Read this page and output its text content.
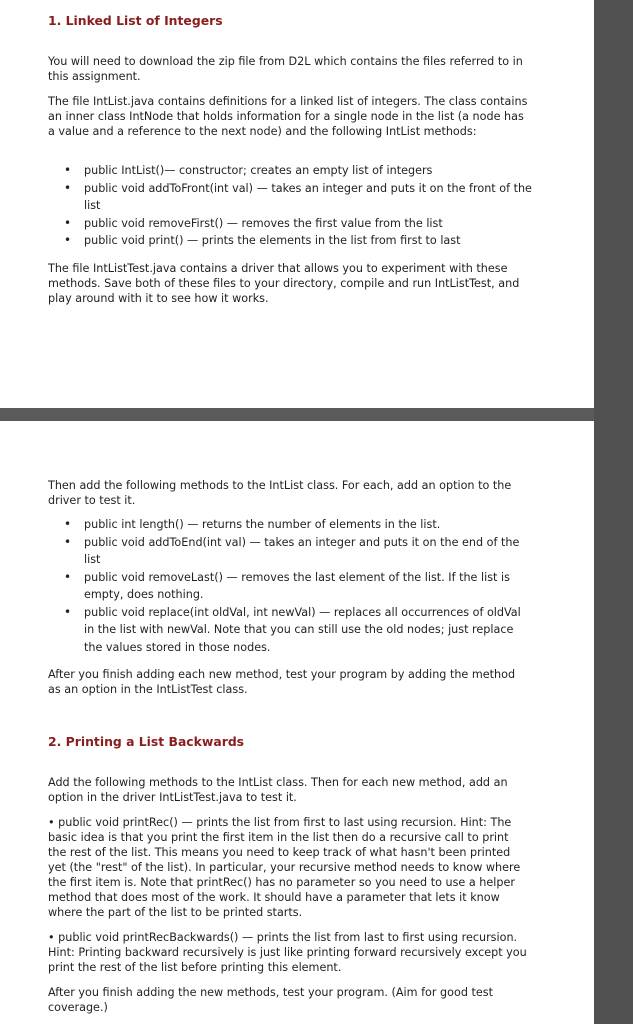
1. Linked List of Integers

You will need to download the zip file from D2L which contains the files referred to in this assignment.

The file IntList.java contains definitions for a linked list of integers. The class contains an inner class IntNode that holds information for a single node in the list (a node has a value and a reference to the next node) and the following IntList methods:

• public IntList()— constructor; creates an empty list of integers
• public void addToFront(int val) — takes an integer and puts it on the front of the list
• public void removeFirst() — removes the first value from the list
• public void print() — prints the elements in the list from first to last

The file IntListTest.java contains a driver that allows you to experiment with these methods. Save both of these files to your directory, compile and run IntListTest, and play around with it to see how it works.

Then add the following methods to the IntList class. For each, add an option to the driver to test it.

• public int length() — returns the number of elements in the list.
• public void addToEnd(int val) — takes an integer and puts it on the end of the list
• public void removeLast() — removes the last element of the list. If the list is empty, does nothing.
• public void replace(int oldVal, int newVal) — replaces all occurrences of oldVal in the list with newVal. Note that you can still use the old nodes; just replace the values stored in those nodes.

After you finish adding each new method, test your program by adding the method as an option in the IntListTest class.

2. Printing a List Backwards

Add the following methods to the IntList class. Then for each new method, add an option in the driver IntListTest.java to test it.

• public void printRec() — prints the list from first to last using recursion. Hint: The basic idea is that you print the first item in the list then do a recursive call to print the rest of the list. This means you need to keep track of what hasn't been printed yet (the "rest" of the list). In particular, your recursive method needs to know where the first item is. Note that printRec() has no parameter so you need to use a helper method that does most of the work. It should have a parameter that lets it know where the part of the list to be printed starts.

• public void printRecBackwards() — prints the list from last to first using recursion. Hint: Printing backward recursively is just like printing forward recursively except you print the rest of the list before printing this element.

After you finish adding the new methods, test your program. (Aim for good test coverage.)
